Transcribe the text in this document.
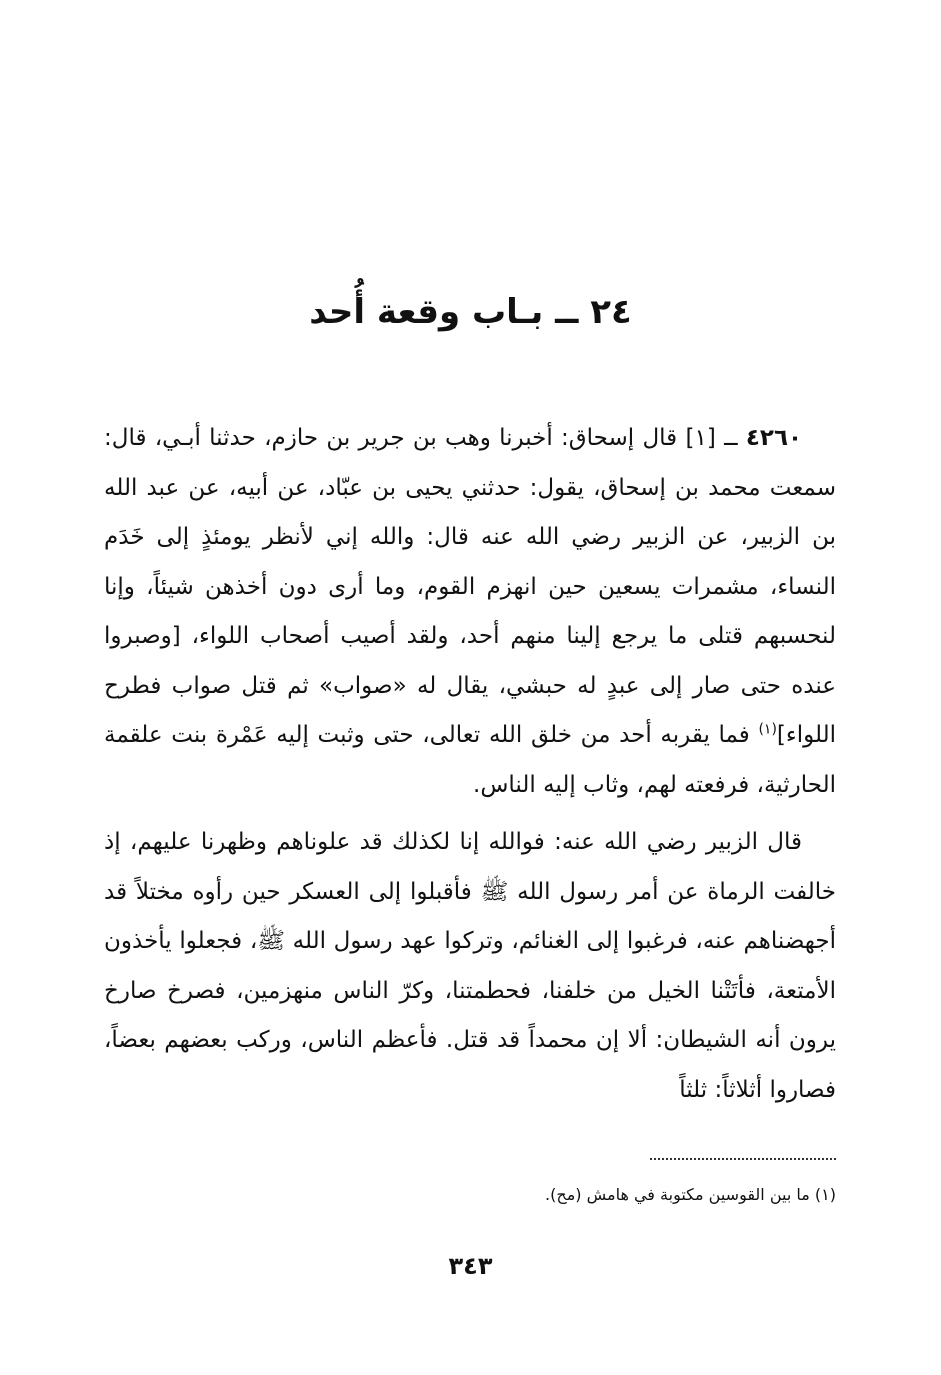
٢٤ ــ بـاب وقعة أُحد

٤٢٦٠ ــ [١] قال إسحاق: أخبرنا وهب بن جرير بن حازم، حدثنا أبـي، قال: سمعت محمد بن إسحاق، يقول: حدثني يحيى بن عبّاد، عن أبيه، عن عبد الله بن الزبير، عن الزبير رضي الله عنه قال: والله إني لأنظر يومئذٍ إلى خَدَم النساء، مشمرات يسعين حين انهزم القوم، وما أرى دون أخذهن شيئاً، وإنا لنحسبهم قتلى ما يرجع إلينا منهم أحد، ولقد أصيب أصحاب اللواء، [وصبروا عنده حتى صار إلى عبدٍ له حبشي، يقال له «صواب» ثم قتل صواب فطرح اللواء]$^{(١)}$ فما يقربه أحد من خلق الله تعالى، حتى وثبت إليه عَمْرة بنت علقمة الحارثية، فرفعته لهم، وثاب إليه الناس.

قال الزبير رضي الله عنه: فوالله إنا لكذلك قد علوناهم وظهرنا عليهم، إذ خالفت الرماة عن أمر رسول الله ﷺ فأقبلوا إلى العسكر حين رأوه مختلاً قد أجهضناهم عنه، فرغبوا إلى الغنائم، وتركوا عهد رسول الله ﷺ، فجعلوا يأخذون الأمتعة، فأتَتْنا الخيل من خلفنا، فحطمتنا، وكرّ الناس منهزمين، فصرخ صارخ يرون أنه الشيطان: ألا إن محمداً قد قتل. فأعظم الناس، وركب بعضهم بعضاً، فصاروا أثلاثاً: ثلثاً

(١) ما بين القوسين مكتوبة في هامش (مح).
٣٤٣
